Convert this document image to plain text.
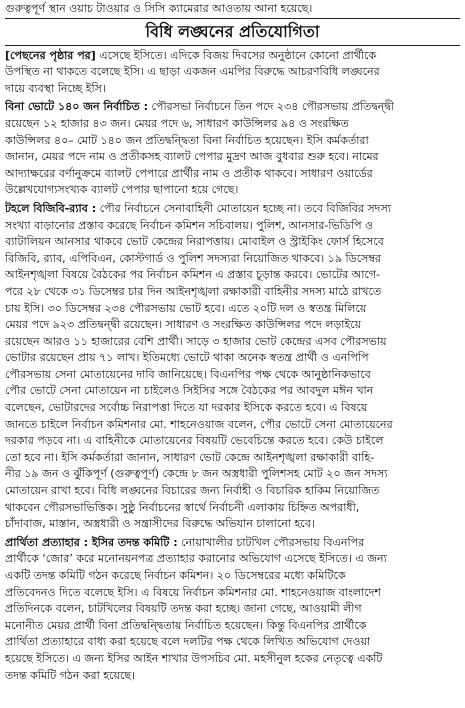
গুরুত্বপূর্ণ স্থান ওয়াচ টাওয়ার ও সিসি ক্যামেরার আওতায় আনা হয়েছে।
বিধি লঙ্ঘনের প্রতিযোগিতা
[পেছনের পৃষ্ঠার পর] এসেছে ইসিতে। এদিকে বিজয় দিবসের অনুষ্ঠানে কোনো প্রার্থীকে
উপস্থিত না থাকতে বলেছে ইসি। এ ছাড়া একজন এমপির বিরুদ্ধে আচরণবিধি লঙ্ঘনের
দায়ে ব্যবস্থা নিচ্ছে ইসি।
বিনা ভোটে ১৪০ জন নির্বাচিত : পৌরসভা নির্বাচনে তিন পদে ২৩৪ পৌরসভায় প্রতিদ্বন্দ্বী
রয়েছেন ১২ হাজার ৪৩ জন। মেয়র পদে ৬, সাধারণ কাউন্সিলর ৯৪ ও সংরক্ষিত
কাউন্সিলর ৪০– মোট ১৪০ জন প্রতিদ্বন্দ্বিতা বিনা নির্বাচিত হয়েছেন। ইসি কর্মকর্তারা
জানান, মেয়র পদে নাম ও প্রতীকসহ ব্যালট পেপার মুদ্রণ আজ বুধবার শুরু হবে। নামের
আদ্যাক্ষরের বর্ণানুক্রমে ব্যালট পেপারে প্রার্থীর নাম ও প্রতীক থাকবে। সাধারণ ওয়ার্ডের
উল্লেখযোগ্যসংখ্যক ব্যালট পেপার ছাপানো হয়ে গেছে।
টহলে বিজিবি-র‍্যাব : পৌর নির্বাচনে সেনাবাহিনী মোতায়েন হচ্ছে না। তবে বিজিবির সদস্য
সংখ্যা বাড়ানোর প্রস্তাব করেছে নির্বাচন কমিশন সচিবালয়। পুলিশ, আনসার-ভিডিপি ও
ব্যাটালিয়ন আনসার থাকবে ভোট কেন্দ্রের নিরাপত্তায়। মোবাইল ও স্ট্রাইকিং ফোর্স হিসেবে
বিজিবি, র‍্যাব, এপিবিএন, কোস্টগার্ড ও পুলিশ সদস্যরা নিয়োজিত থাকবে। ১৯ ডিসেম্বর
আইনশৃঙ্খলা বিষয়ে বৈঠকের পর নির্বাচন কমিশন এ প্রস্তাব চূড়ান্ত করবে। ভোটের আগে-
পরে ২৮ থেকে ৩১ ডিসেম্বর চার দিন আইনশৃঙ্খলা রক্ষাকারী বাহিনীর সদস্য মাঠে রাখতে
চায় ইসি। ৩০ ডিসেম্বর ২৩৪ পৌরসভায় ভোট হবে। এতে ২০টি দল ও স্বতন্ত্র মিলিয়ে
মেয়র পদে ৯২৩ প্রতিদ্বন্দ্বী রয়েছেন। সাধারণ ও সংরক্ষিত কাউন্সিলর পদে লড়াইয়ে
রয়েছেন আরও ১১ হাজারের বেশি প্রার্থী। সাড়ে ৩ হাজার ভোট কেন্দ্রের এসব পৌরসভায়
ভোটার রয়েছেন প্রায় ৭১ লাখ। ইতিমধ্যে ভোটে থাকা অনেক স্বতন্ত্র প্রার্থী ও এনপিপি
পৌরসভায় সেনা মোতায়েনের দাবি জানিয়েছে। বিএনপির পক্ষ থেকে আনুষ্ঠানিকভাবে
পৌর ভোটে সেনা মোতায়েন না চাইলেও সিইসির সঙ্গে বৈঠকের পর আবদুল মঈন খান
বলেছেন, ভোটারদের সর্বোচ্চ নিরাপত্তা দিতে যা দরকার ইসিকে করতে হবে। এ বিষয়ে
জানতে চাইলে নির্বাচন কমিশনার মো. শাহনেওয়াজ বলেন, পৌর ভোটে সেনা মোতায়েনের
দরকার পড়বে না। এ বাহিনীকে মোতায়েনের বিষয়টি ভেবেচিন্তে করতে হবে। কেউ চাইলে
তো হবে না। ইসি কর্মকর্তারা জানান, সাধারণ ভোট কেন্দ্রে আইনশৃঙ্খলা রক্ষাকারী বাহি-
নীর ১৯ জন ও ঝুঁকিপূর্ণ (গুরুত্বপূর্ণ) কেন্দ্রে ৮ জন অস্ত্রধারী পুলিশসহ মোট ২০ জন সদস্য
মোতায়েন রাখা হবে। বিধি লঙ্ঘনের বিচারের জন্য নির্বাহী ও বিচারিক হাকিম নিয়োজিত
থাকবেন পৌরসভাভিত্তিক। সুষ্ঠু নির্বাচনের স্বার্থে নির্বাচনী এলাকায় চিহ্নিত অপরাধী,
চাঁদাবাজ, মাস্তান, অস্ত্রধারী ও সন্ত্রাসীদের বিরুদ্ধে অভিযান চালানো হবে।
প্রার্থিতা প্রত্যাহার : ইসির তদন্ত কমিটি : নোয়াখালীর চাটখিল পৌরসভায় বিএনপির
প্রার্থীকে ‘জোর’ করে মনোনয়নপত্র প্রত্যাহার করানোর অভিযোগ এসেছে ইসিতে। এ জন্য
একটি তদন্ত কমিটি গঠন করেছে নির্বাচন কমিশন। ২০ ডিসেম্বরের মধ্যে কমিটিকে
প্রতিবেদনও দিতে বলেছে ইসি। এ বিষয়ে নির্বাচন কমিশনার মো. শাহনেওয়াজ বাংলাদেশ
প্রতিদিনকে বলেন, চাটখিলের বিষয়টি তদন্ত করা হচ্ছে। জানা গেছে, আওয়ামী লীগ
মনোনীত মেয়র প্রার্থী বিনা প্রতিদ্বন্দ্বিতায় নির্বাচিত হয়েছেন। কিন্তু বিএনপির প্রার্থীকে
প্রার্থিতা প্রত্যাহারে বাধ্য করা হয়েছে বলে দলটির পক্ষ থেকে লিখিত অভিযোগ দেওয়া
হয়েছে ইসিতে। এ জন্য ইসির আইন শাখার উপসচিব মো. মহসীনুল হকের নেতৃত্বে একটি
তদন্ত কমিটি গঠন করা হয়েছে।
